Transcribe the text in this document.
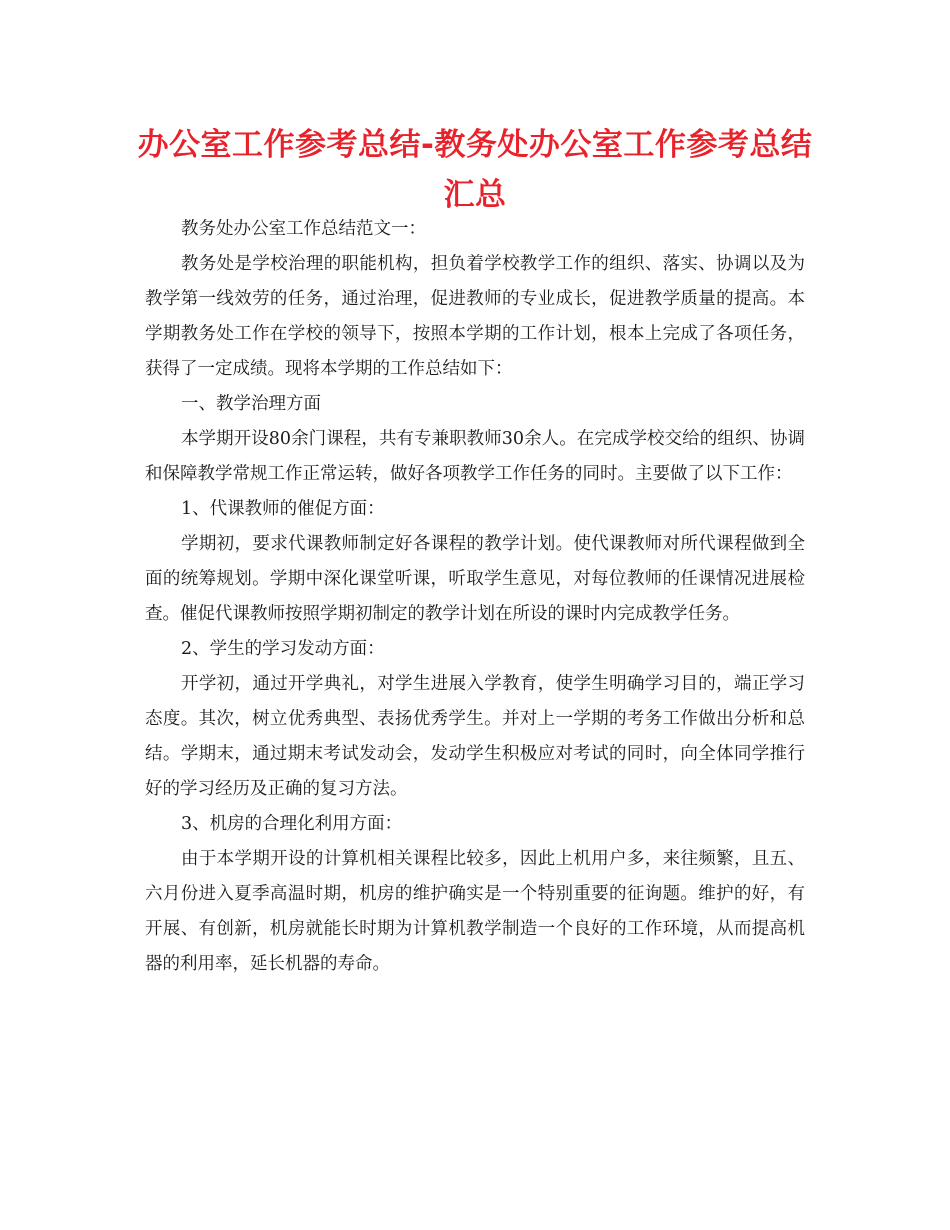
办公室工作参考总结-教务处办公室工作参考总结汇总

教务处办公室工作总结范文一：

教务处是学校治理的职能机构，担负着学校教学工作的组织、落实、协调以及为教学第一线效劳的任务，通过治理，促进教师的专业成长，促进教学质量的提高。本学期教务处工作在学校的领导下，按照本学期的工作计划，根本上完成了各项任务，获得了一定成绩。现将本学期的工作总结如下：

一、教学治理方面

本学期开设80余门课程，共有专兼职教师30余人。在完成学校交给的组织、协调和保障教学常规工作正常运转，做好各项教学工作任务的同时。主要做了以下工作：

1、代课教师的催促方面：

学期初，要求代课教师制定好各课程的教学计划。使代课教师对所代课程做到全面的统筹规划。学期中深化课堂听课，听取学生意见，对每位教师的任课情况进展检查。催促代课教师按照学期初制定的教学计划在所设的课时内完成教学任务。

2、学生的学习发动方面：

开学初，通过开学典礼，对学生进展入学教育，使学生明确学习目的，端正学习态度。其次，树立优秀典型、表扬优秀学生。并对上一学期的考务工作做出分析和总结。学期末，通过期末考试发动会，发动学生积极应对考试的同时，向全体同学推行好的学习经历及正确的复习方法。

3、机房的合理化利用方面：

由于本学期开设的计算机相关课程比较多，因此上机用户多，来往频繁，且五、六月份进入夏季高温时期，机房的维护确实是一个特别重要的征询题。维护的好，有开展、有创新，机房就能长时期为计算机教学制造一个良好的工作环境，从而提高机器的利用率，延长机器的寿命。
